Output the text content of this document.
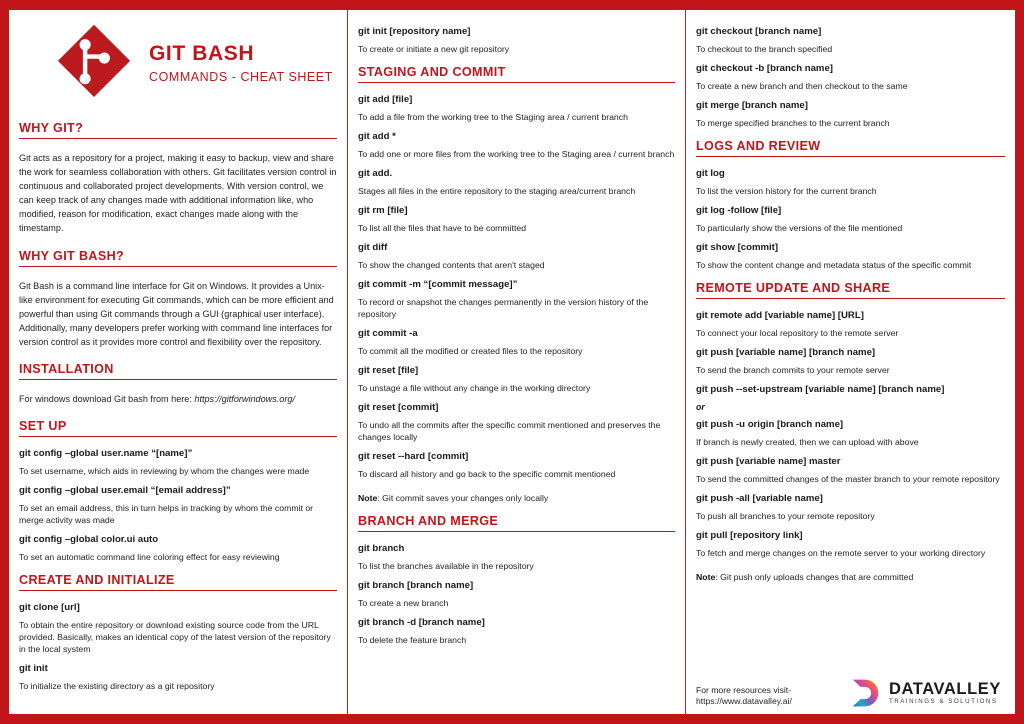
GIT BASH
COMMANDS - CHEAT SHEET
WHY GIT?
Git acts as a repository for a project, making it easy to backup, view and share the work for seamless collaboration with others. Git facilitates version control in continuous and collaborated project developments. With version control, we can keep track of any changes made with additional information like, who modified, reason for modification, exact changes made along with the timestamp.
WHY GIT BASH?
Git Bash is a command line interface for Git on Windows. It provides a Unix-like environment for executing Git commands, which can be more efficient and powerful than using Git commands through a GUI (graphical user interface). Additionally, many developers prefer working with command line interfaces for version control as it provides more control and flexibility over the repository.
INSTALLATION
For windows download Git bash from here: https://gitforwindows.org/
SET UP
git config –global user.name “[name]”
To set username, which aids in reviewing by whom the changes were made
git config –global user.email “[email address]”
To set an email address, this in turn helps in tracking by whom the commit or merge activity was made
git config –global color.ui auto
To set an automatic command line coloring effect for easy reviewing
CREATE AND INITIALIZE
git clone [url]
To obtain the entire repository or download existing source code from the URL provided. Basically, makes an identical copy of the latest version of the repository in the local system
git init
To initialize the existing directory as a git repository
git init [repository name]
To create or initiate a new git repository
STAGING AND COMMIT
git add [file]
To add a file from the working tree to the Staging area / current branch
git add *
To add one or more files from the working tree to the Staging area / current branch
git add.
Stages all files in the entire repository to the staging area/current branch
git rm [file]
To list all the files that have to be committed
git diff
To show the changed contents that aren't staged
git commit -m “[commit message]”
To record or snapshot the changes permanently in the version history of the repository
git commit -a
To commit all the modified or created files to the repository
git reset [file]
To unstage a file without any change in the working directory
git reset [commit]
To undo all the commits after the specific commit mentioned and preserves the changes locally
git reset --hard [commit]
To discard all history and go back to the specific commit mentioned
Note: Git commit saves your changes only locally
BRANCH AND MERGE
git branch
To list the branches available in the repository
git branch [branch name]
To create a new branch
git branch -d [branch name]
To delete the feature branch
git checkout [branch name]
To checkout to the branch specified
git checkout -b [branch name]
To create a new branch and then checkout to the same
git merge [branch name]
To merge specified branches to the current branch
LOGS AND REVIEW
git log
To list the version history for the current branch
git log -follow [file]
To particularly show the versions of the file mentioned
git show [commit]
To show the content change and metadata status of the specific commit
REMOTE UPDATE AND SHARE
git remote add [variable name] [URL]
To connect your local repository to the remote server
git push [variable name] [branch name]
To send the branch commits to your remote server
git push --set-upstream [variable name] [branch name]
or
git push -u origin [branch name]
If branch is newly created, then we can upload with above
git push [variable name] master
To send the committed changes of the master branch to your remote repository
git push -all [variable name]
To push all branches to your remote repository
git pull [repository link]
To fetch and merge changes on the remote server to your working directory
Note: Git push only uploads changes that are committed
For more resources visit-
https://www.datavalley.ai/
DATAVALLEY
TRAININGS & SOLUTIONS
